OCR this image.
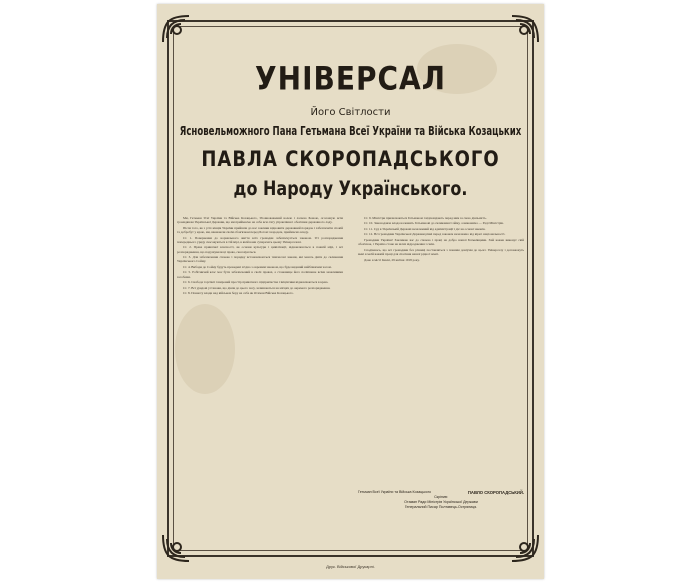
УНІВЕРСАЛ
Його Світлости
Ясновельможного Пана Гетьмана Всеї України та Війська Козацьких
ПАВЛА СКОРОПАДСЬКОГО
до Народу Українського.

Ми, Гетьман Усеї України та Війська Козацького, Уповноважений волею і ласкою Божою, оголошую всім громадянам Української Держави, що ми приймаємо на себе всю тягу управління і обов'язки державного ладу.

Після того, як з усіх кінців України прийшли до нас заклики відновити державний порядок і забезпечити спокій та добробут у краю, ми, вважаючи своїм обов'язком перед Богом і народом, приймаємо владу.

Ст. 1. Повернення до нормального життя всіх громадян забезпечується законом. Усі розпорядження попереднього уряду скасовуються в тій мірі, в якій вони суперечать цьому Універсалові.

Ст. 2. Права приватної власності, як основи культури і цивілізації, відновлюються в повній мірі, і всі розпорядження, що порушували ці права, скасовуються.

Ст. 3. Для забезпечення спокою і порядку встановлюються тимчасові закони, які мають діяти до скликання Українського Сойму.

Ст. 4. Вибори до Сойму будуть проведені згідно з окремим законом, що буде виданий найближчим часом.

Ст. 5. Робітничий клас має бути забезпечений в своїх правах, а становище його поліпшене всіма можливими засобами.

Ст. 6. Свобода торгівлі і широкий простір приватного підприємства і ініціативи відновлюються в краю.

Ст. 7. Всі урядові установи, що діяли до цього часу, залишаються на місцях до окремого розпорядження.

Ст. 8. Повноту влади над військом беру на себе як Отаман Війська Козацького.

Ст. 9. Міністри призначаються Гетьманом і відповідають перед ним за свою діяльність.

Ст. 10. Законодавча влада належить Гетьманові до скликання Сойму, а виконавча — Раді Міністрів.

Ст. 11. Суд в Українській Державі незалежний від адміністрації і діє на основі законів.

Ст. 12. Всі громадяни Української Держави рівні перед законом незалежно від віри і національності.

Громадяни України! Закликаю вас до спокою і праці на добро нашої Батьківщини. Хай кожен виконує свій обов'язок, і Україна стане на шлях відродження і сили.

Сподіваюсь, що всі громадяни без різниці поставляться з повним довір'ям до цього Універсалу і допоможуть мені в моїй важкій праці для спасіння нашої рідної землі.

Дано в місті Києві, 29 квітня 1918 року.

Гетьман Всеї України та Війська Козацького	ПАВЛО СКОРОПАДСЬКИЙ.
Скріпив:
Отаман Ради Міністрів Української Держави
Генеральний Писар Полтавець-Остряниця.
Друк. Військової Друкарні.
